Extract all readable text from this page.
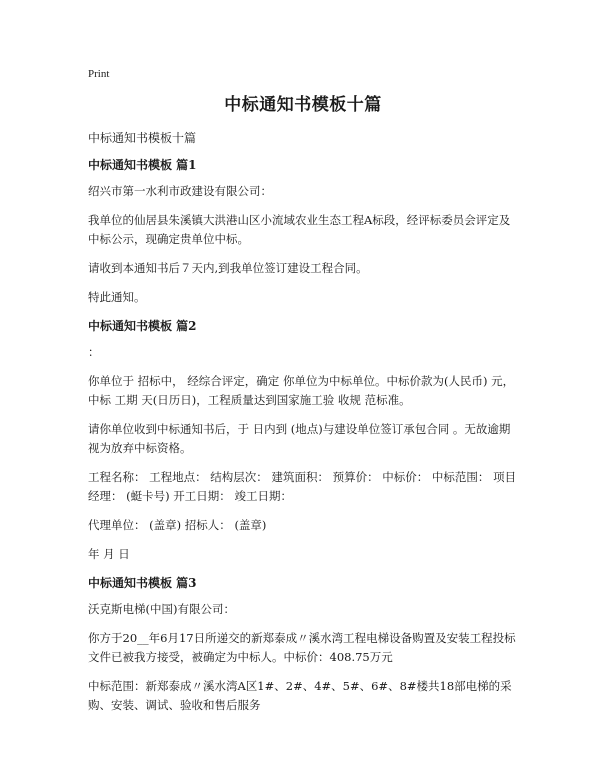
Print
中标通知书模板十篇
中标通知书模板十篇
中标通知书模板 篇1

绍兴市第一水利市政建设有限公司：

我单位的仙居县朱溪镇大洪港山区小流域农业生态工程A标段，经评标委员会评定及中标公示，现确定贵单位中标。

请收到本通知书后７天内,到我单位签订建设工程合同。

特此通知。

中标通知书模板 篇2

：

你单位于 招标中， 经综合评定，确定 你单位为中标单位。中标价款为(人民币) 元，中标 工期 天(日历日)，工程质量达到国家施工验 收规 范标准。

请你单位收到中标通知书后，于 日内到 (地点)与建设单位签订承包合同 。无故逾期视为放弃中标资格。

工程名称： 工程地点： 结构层次： 建筑面积： 预算价： 中标价： 中标范围： 项目经理： (蜓卡号) 开工日期： 竣工日期：

代理单位： (盖章) 招标人： (盖章)

年 月 日

中标通知书模板 篇3

沃克斯电梯(中国)有限公司：

你方于20__年6月17日所递交的新郑泰成〃溪水湾工程电梯设备购置及安装工程投标文件已被我方接受，被确定为中标人。中标价：408.75万元

中标范围：新郑泰成〃溪水湾A区1#、2#、4#、5#、6#、8#楼共18部电梯的采购、安装、调试、验收和售后服务
